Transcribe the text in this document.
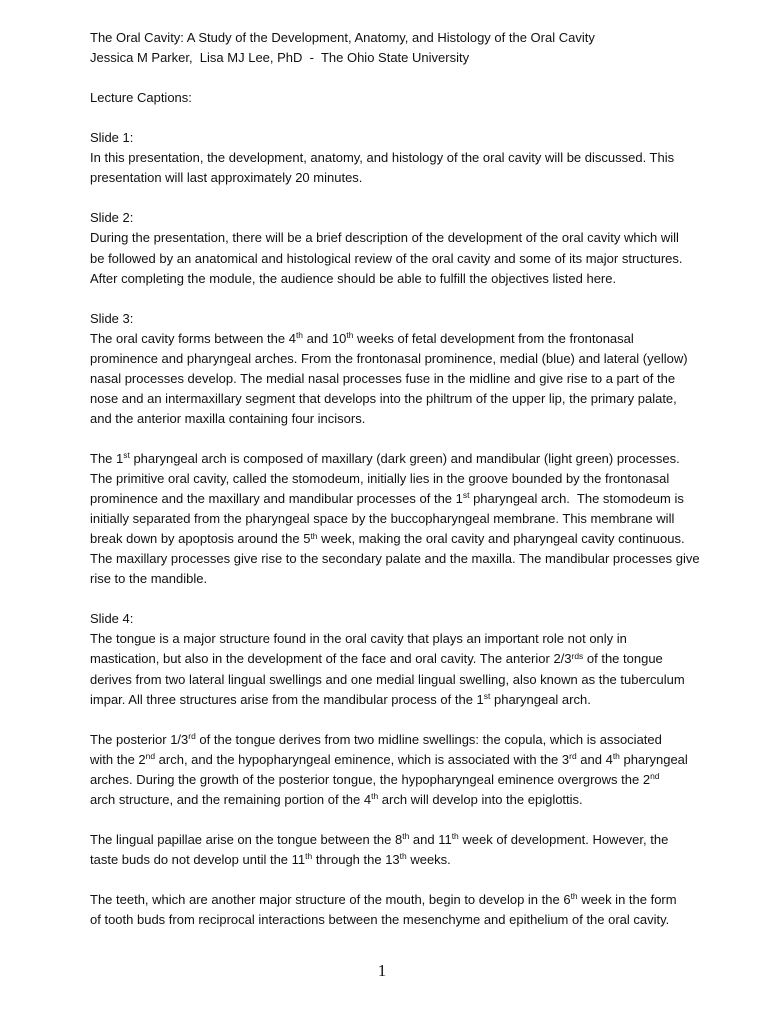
The Oral Cavity: A Study of the Development, Anatomy, and Histology of the Oral Cavity
Jessica M Parker,  Lisa MJ Lee, PhD  -  The Ohio State University
Lecture Captions:
Slide 1:
In this presentation, the development, anatomy, and histology of the oral cavity will be discussed. This
presentation will last approximately 20 minutes.
Slide 2:
During the presentation, there will be a brief description of the development of the oral cavity which will
be followed by an anatomical and histological review of the oral cavity and some of its major structures.
After completing the module, the audience should be able to fulfill the objectives listed here.
Slide 3:
The oral cavity forms between the 4th and 10th weeks of fetal development from the frontonasal
prominence and pharyngeal arches. From the frontonasal prominence, medial (blue) and lateral (yellow)
nasal processes develop. The medial nasal processes fuse in the midline and give rise to a part of the
nose and an intermaxillary segment that develops into the philtrum of the upper lip, the primary palate,
and the anterior maxilla containing four incisors.
The 1st pharyngeal arch is composed of maxillary (dark green) and mandibular (light green) processes.
The primitive oral cavity, called the stomodeum, initially lies in the groove bounded by the frontonasal
prominence and the maxillary and mandibular processes of the 1st pharyngeal arch.  The stomodeum is
initially separated from the pharyngeal space by the buccopharyngeal membrane. This membrane will
break down by apoptosis around the 5th week, making the oral cavity and pharyngeal cavity continuous.
The maxillary processes give rise to the secondary palate and the maxilla. The mandibular processes give
rise to the mandible.
Slide 4:
The tongue is a major structure found in the oral cavity that plays an important role not only in
mastication, but also in the development of the face and oral cavity. The anterior $2/3^{rds}$ of the tongue
derives from two lateral lingual swellings and one medial lingual swelling, also known as the tuberculum
impar. All three structures arise from the mandibular process of the 1st pharyngeal arch.
The posterior 1/3rd of the tongue derives from two midline swellings: the copula, which is associated
with the 2nd arch, and the hypopharyngeal eminence, which is associated with the 3rd and 4th pharyngeal
arches. During the growth of the posterior tongue, the hypopharyngeal eminence overgrows the 2nd
arch structure, and the remaining portion of the 4th arch will develop into the epiglottis.
The lingual papillae arise on the tongue between the 8th and 11th week of development. However, the
taste buds do not develop until the 11th through the 13th weeks.
The teeth, which are another major structure of the mouth, begin to develop in the 6th week in the form
of tooth buds from reciprocal interactions between the mesenchyme and epithelium of the oral cavity.
1
